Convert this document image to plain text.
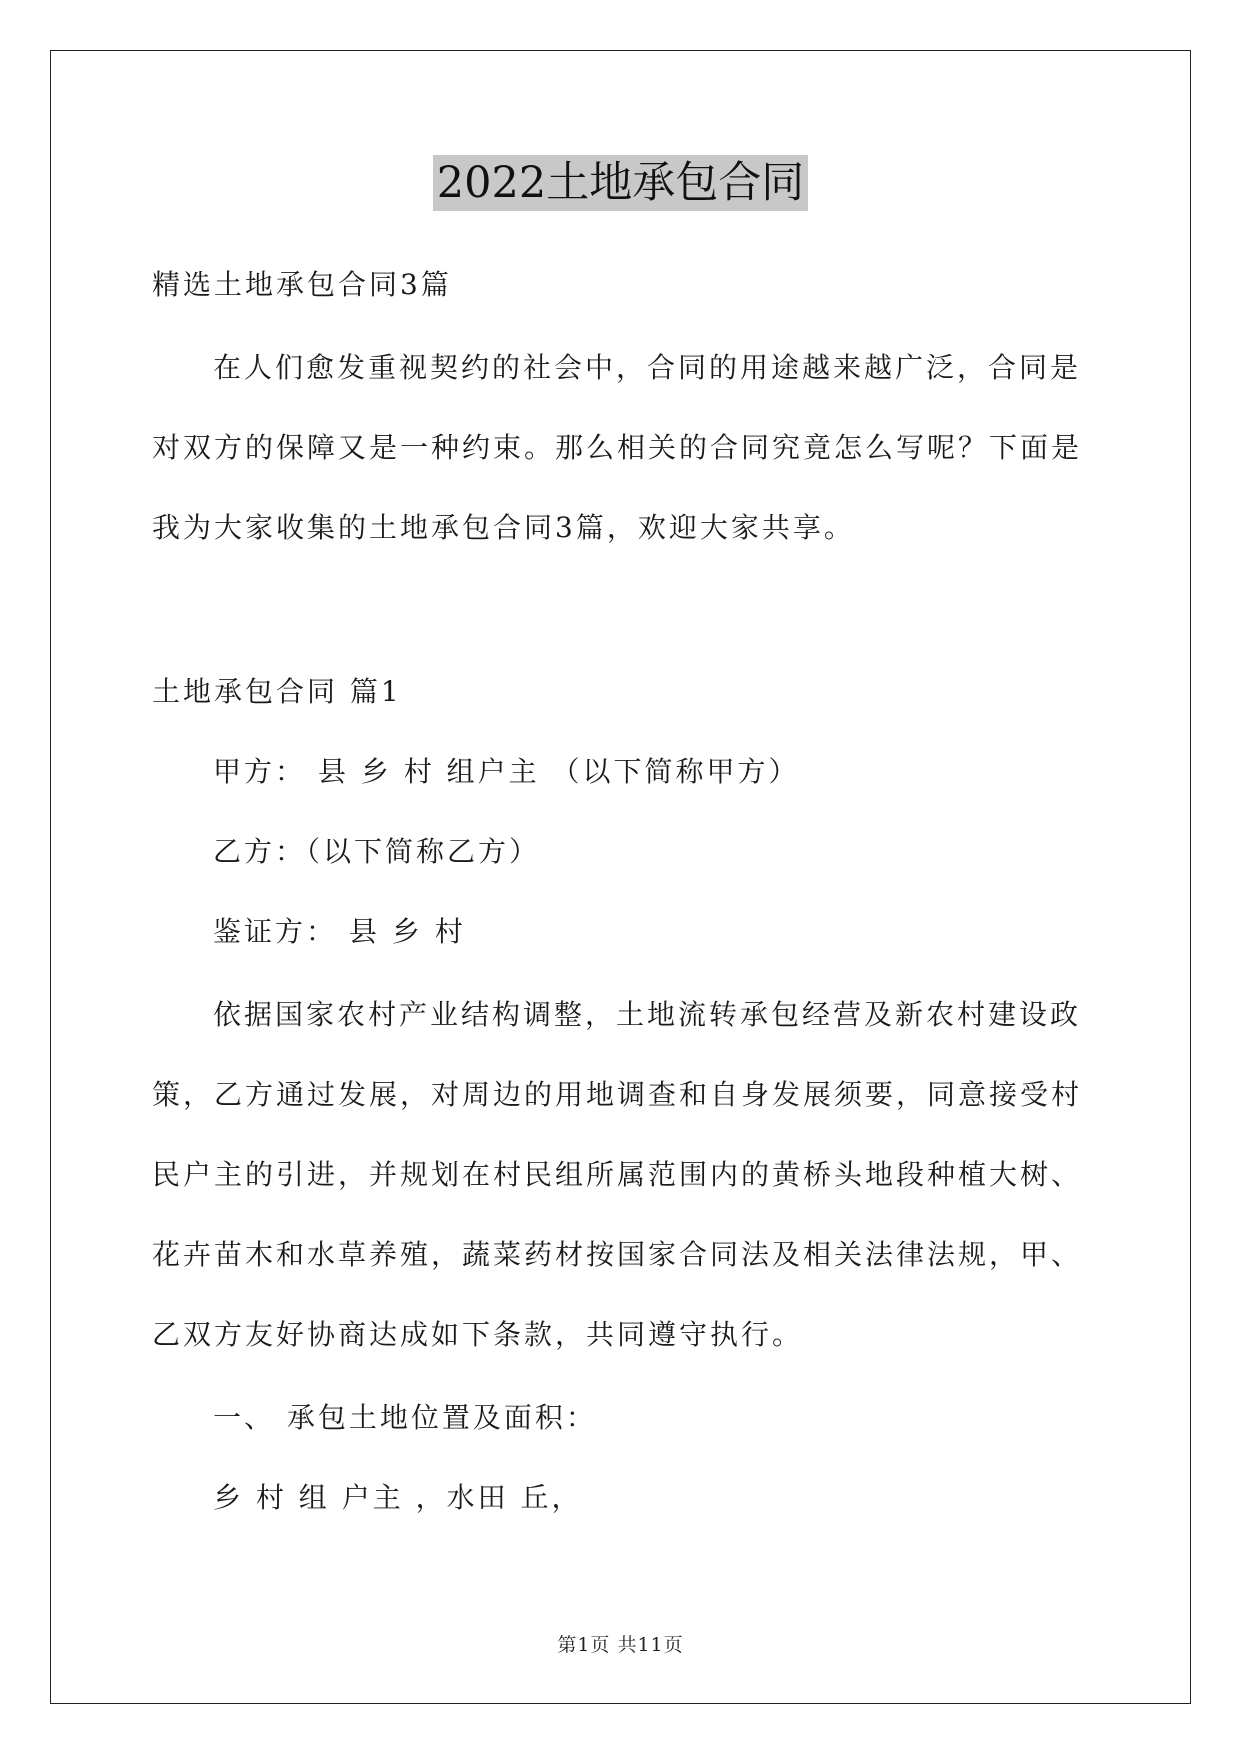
2022土地承包合同
精选土地承包合同3篇
在人们愈发重视契约的社会中，合同的用途越来越广泛，合同是
对双方的保障又是一种约束。那么相关的合同究竟怎么写呢？下面是
我为大家收集的土地承包合同3篇，欢迎大家共享。
土地承包合同 篇1
甲方： 县 乡 村 组户主 （以下简称甲方）
乙方：（以下简称乙方）
鉴证方： 县 乡 村
依据国家农村产业结构调整，土地流转承包经营及新农村建设政
策，乙方通过发展，对周边的用地调查和自身发展须要，同意接受村
民户主的引进，并规划在村民组所属范围内的黄桥头地段种植大树、
花卉苗木和水草养殖，蔬菜药材按国家合同法及相关法律法规，甲、
乙双方友好协商达成如下条款，共同遵守执行。
一、 承包土地位置及面积：
乡 村 组 户主 ，水田 丘，
第1页 共11页
